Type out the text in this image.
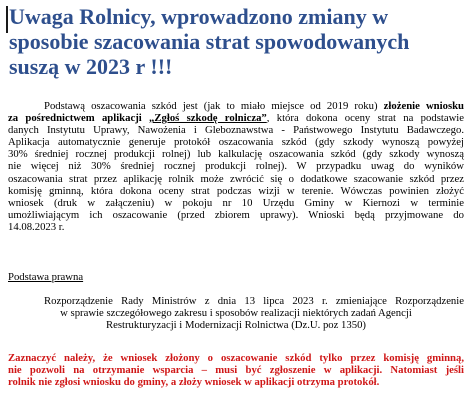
Uwaga Rolnicy, wprowadzono zmiany w
sposobie szacowania strat spowodowanych
suszą w 2023 r !!!
Podstawą oszacowania szkód jest (jak to miało miejsce od 2019 roku) złożenie wniosku
za pośrednictwem aplikacji „Zgłoś szkodę rolnicza”, która dokona oceny strat na podstawie
danych Instytutu Uprawy, Nawożenia i Gleboznawstwa - Państwowego Instytutu Badawczego.
Aplikacja automatycznie generuje protokół oszacowania szkód (gdy szkody wynoszą powyżej
30% średniej rocznej produkcji rolnej) lub kalkulację oszacowania szkód (gdy szkody wynoszą
nie więcej niż 30% średniej rocznej produkcji rolnej). W przypadku uwag do wyników
oszacowania strat przez aplikację rolnik może zwrócić się o dodatkowe szacowanie szkód przez
komisję gminną, która dokona oceny strat podczas wizji w terenie. Wówczas powinien złożyć
wniosek (druk w załączeniu) w pokoju nr 10 Urzędu Gminy w Kiernozi w terminie
umożliwiającym ich oszacowanie (przed zbiorem uprawy). Wnioski będą przyjmowane do
14.08.2023 r.

Podstawa prawna

Rozporządzenie Rady Ministrów z dnia 13 lipca 2023 r. zmieniające Rozporządzenie
w sprawie szczegółowego zakresu i sposobów realizacji niektórych zadań Agencji
Restrukturyzacji i Modernizacji Rolnictwa (Dz.U. poz 1350)
Zaznaczyć należy, że wniosek złożony o oszacowanie szkód tylko przez komisję gminną,
nie pozwoli na otrzymanie wsparcia – musi być zgłoszenie w aplikacji. Natomiast jeśli
rolnik nie zgłosi wniosku do gminy, a złoży wniosek w aplikacji otrzyma protokół.
